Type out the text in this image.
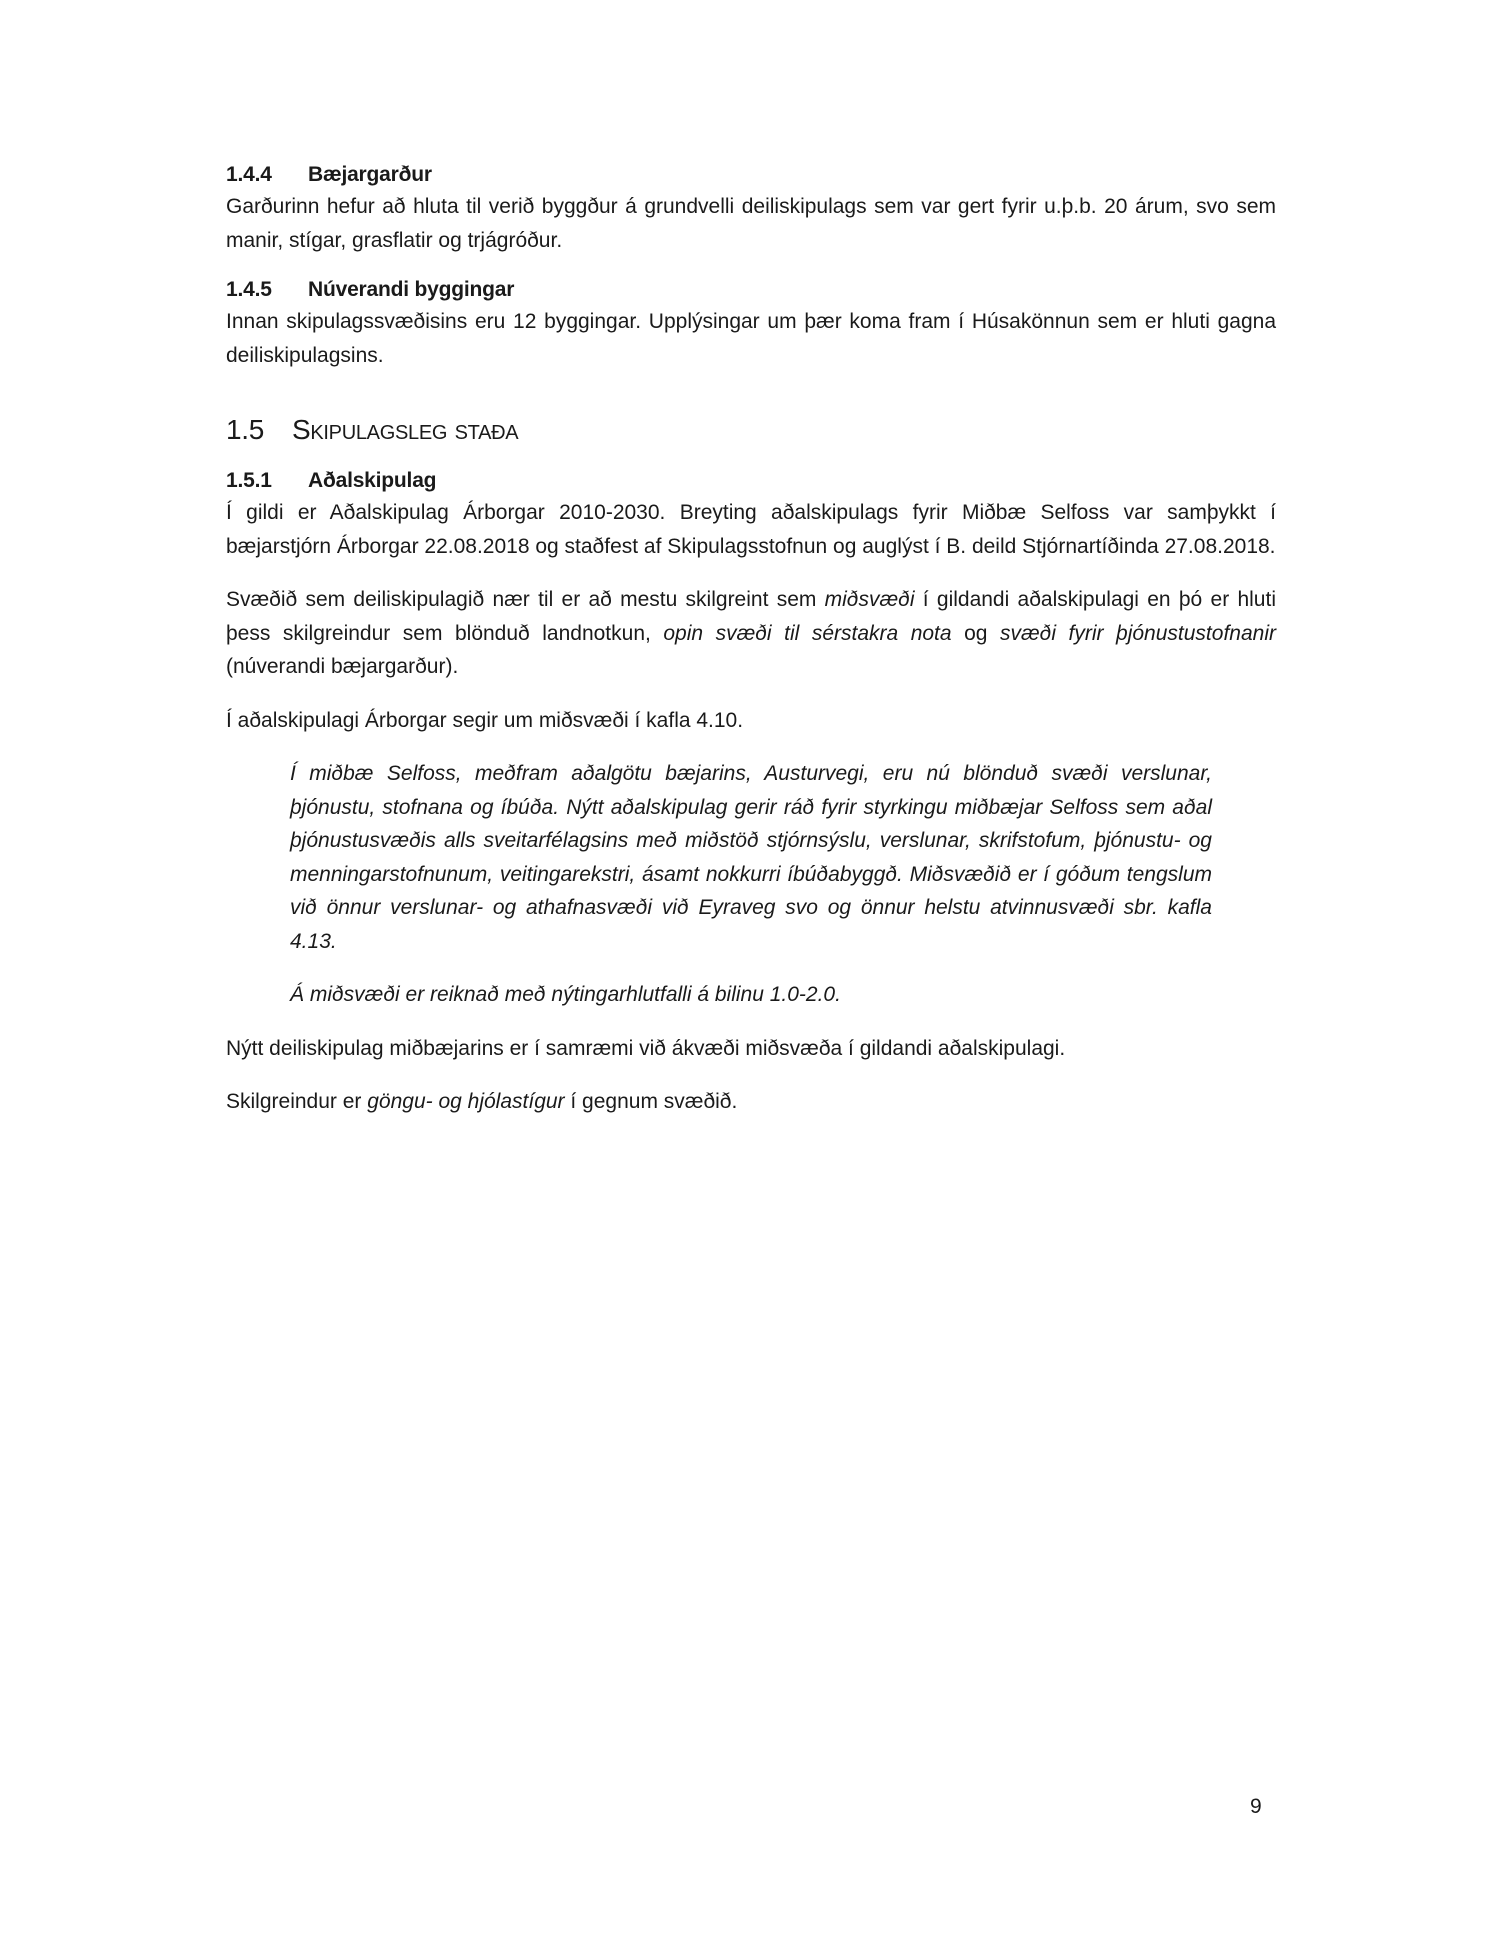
1.4.4 Bæjargarður

Garðurinn hefur að hluta til verið byggður á grundvelli deiliskipulags sem var gert fyrir u.þ.b. 20 árum, svo sem manir, stígar, grasflatir og trjágróður.

1.4.5 Núverandi byggingar

Innan skipulagssvæðisins eru 12 byggingar. Upplýsingar um þær koma fram í Húsakönnun sem er hluti gagna deiliskipulagsins.

1.5 Skipulagsleg staða
1.5.1 Aðalskipulag

Í gildi er Aðalskipulag Árborgar 2010-2030. Breyting aðalskipulags fyrir Miðbæ Selfoss var samþykkt í bæjarstjórn Árborgar 22.08.2018 og staðfest af Skipulagsstofnun og auglýst í B. deild Stjórnartíðinda 27.08.2018.

Svæðið sem deiliskipulagið nær til er að mestu skilgreint sem miðsvæði í gildandi aðalskipulagi en þó er hluti þess skilgreindur sem blönduð landnotkun, opin svæði til sérstakra nota og svæði fyrir þjónustustofnanir (núverandi bæjargarður).

Í aðalskipulagi Árborgar segir um miðsvæði í kafla 4.10.

Í miðbæ Selfoss, meðfram aðalgötu bæjarins, Austurvegi, eru nú blönduð svæði verslunar, þjónustu, stofnana og íbúða. Nýtt aðalskipulag gerir ráð fyrir styrkingu miðbæjar Selfoss sem aðal þjónustusvæðis alls sveitarfélagsins með miðstöð stjórnsýslu, verslunar, skrifstofum, þjónustu- og menningarstofnunum, veitingarekstri, ásamt nokkurri íbúðabyggð. Miðsvæðið er í góðum tengslum við önnur verslunar- og athafnasvæði við Eyraveg svo og önnur helstu atvinnusvæði sbr. kafla 4.13.

Á miðsvæði er reiknað með nýtingarhlutfalli á bilinu 1.0-2.0.

Nýtt deiliskipulag miðbæjarins er í samræmi við ákvæði miðsvæða í gildandi aðalskipulagi.

Skilgreindur er göngu- og hjólastígur í gegnum svæðið.

9
